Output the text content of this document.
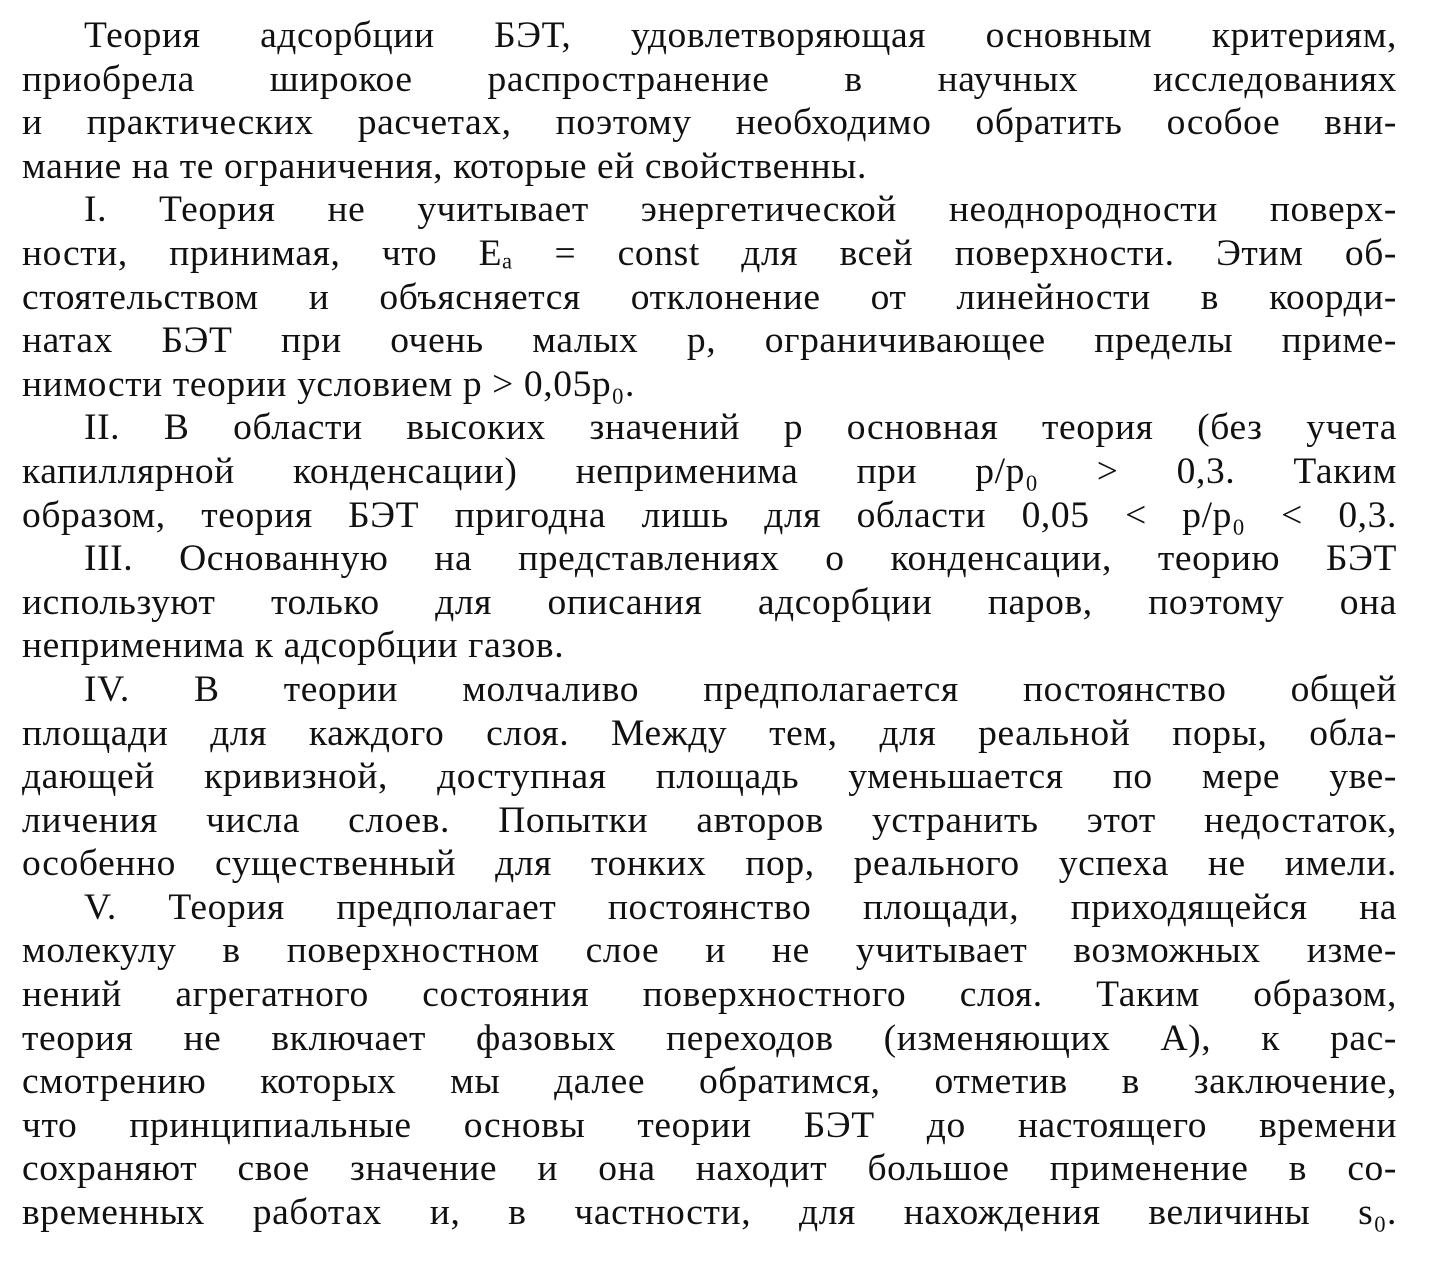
Теория адсорбции БЭТ, удовлетворяющая основным критериям,
приобрела широкое распространение в научных исследованиях
и практических расчетах, поэтому необходимо обратить особое вни-
мание на те ограничения, которые ей свойственны.

I. Теория не учитывает энергетической неоднородности поверх-
ности, принимая, что Eₐ = const для всей поверхности. Этим об-
стоятельством и объясняется отклонение от линейности в коорди-
натах БЭТ при очень малых p, ограничивающее пределы приме-
нимости теории условием p > 0,05p₀.

II. В области высоких значений p основная теория (без учета
капиллярной конденсации) неприменима при p/p₀ > 0,3. Таким
образом, теория БЭТ пригодна лишь для области 0,05 < p/p₀ < 0,3.

III. Основанную на представлениях о конденсации, теорию БЭТ
используют только для описания адсорбции паров, поэтому она
неприменима к адсорбции газов.

IV. В теории молчаливо предполагается постоянство общей
площади для каждого слоя. Между тем, для реальной поры, обла-
дающей кривизной, доступная площадь уменьшается по мере уве-
личения числа слоев. Попытки авторов устранить этот недостаток,
особенно существенный для тонких пор, реального успеха не имели.

V. Теория предполагает постоянство площади, приходящейся на
молекулу в поверхностном слое и не учитывает возможных изме-
нений агрегатного состояния поверхностного слоя. Таким образом,
теория не включает фазовых переходов (изменяющих A), к рас-
смотрению которых мы далее обратимся, отметив в заключение,
что принципиальные основы теории БЭТ до настоящего времени
сохраняют свое значение и она находит большое применение в со-
временных работах и, в частности, для нахождения величины s₀.
